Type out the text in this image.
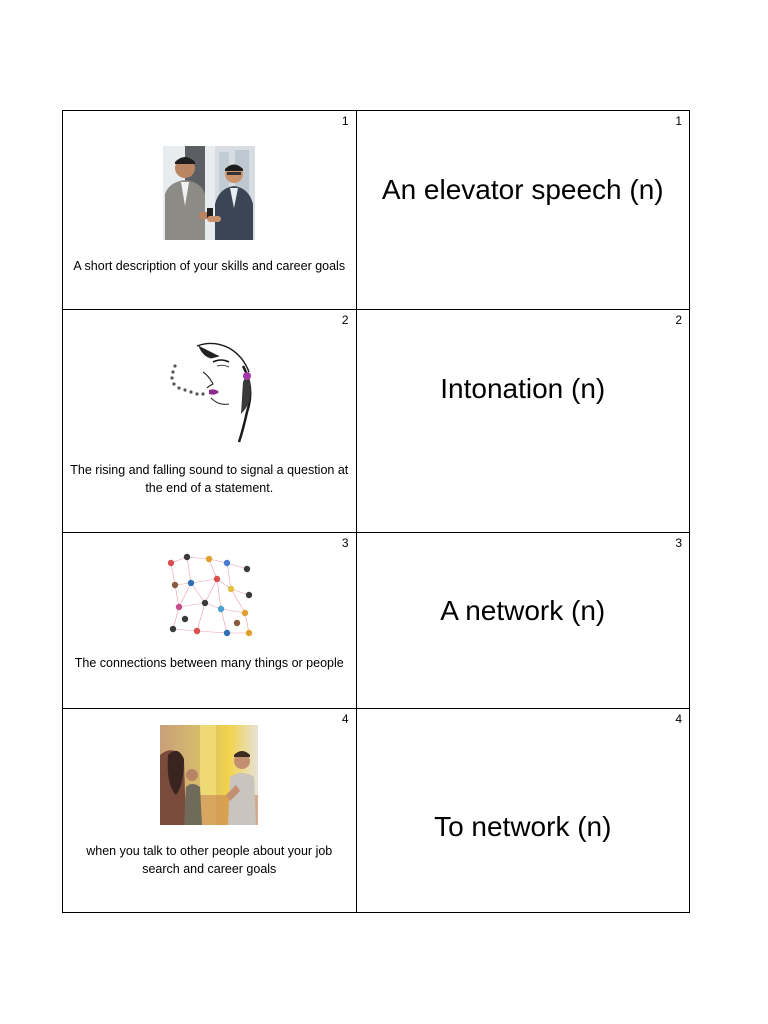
1
A short description of your skills and career goals
1
An elevator speech (n)
2
The rising and falling sound to signal a question at the end of a statement.
2
Intonation (n)
3
The connections between many things or people
3
A network (n)
4
when you talk to other people about your job search and career goals
4
To network (n)
